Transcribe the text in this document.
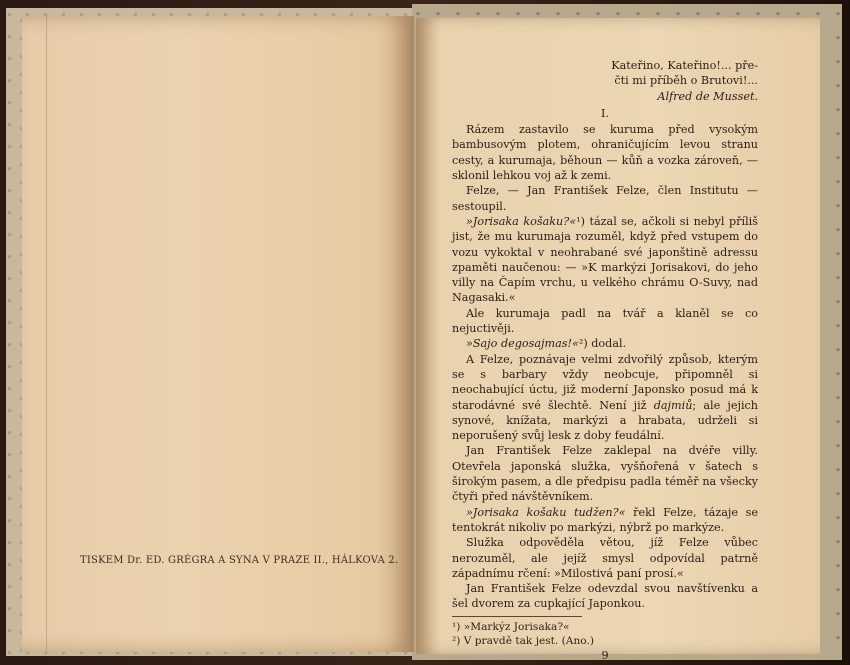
TISKEM Dr. ED. GRÉGRA A SYNA V PRAZE II., HÁLKOVA 2.
Kateřino, Kateřino!... pře-
čti mi příběh o Brutovi!...
Alfred de Musset.
I.

Rázem zastavilo se kuruma před vysokým bambusovým plotem, ohraničujícím levou stranu cesty, a kurumaja, běhoun — kůň a vozka zároveň, — sklonil lehkou voj až k zemi.

Felze, — Jan František Felze, člen Institutu — sestoupil.

»Jorisaka košaku?«¹) tázal se, ačkoli si nebyl příliš jist, že mu kurumaja rozuměl, když před vstupem do vozu vykoktal v neohrabané své japonštině adressu zpaměti naučenou: — »K markýzi Jorisakovi, do jeho villy na Čapím vrchu, u velkého chrámu O-Suvy, nad Nagasaki.«

Ale kurumaja padl na tvář a klaněl se co nejuctivěji.

»Sajo degosajmas!«²) dodal.

A Felze, poznávaje velmi zdvořilý způsob, kterým se s barbary vždy neobcuje, připomněl si neochabující úctu, již moderní Japonsko posud má k starodávné své šlechtě. Není již dajmiů; ale jejich synové, knížata, markýzi a hrabata, udrželi si neporušený svůj lesk z doby feudální.

Jan František Felze zaklepal na dvéře villy. Otevřela japonská služka, vyšňořená v šatech s širokým pasem, a dle předpisu padla téměř na všecky čtyři před návštěvníkem.

»Jorisaka košaku tudžen?« řekl Felze, tázaje se tentokrát nikoliv po markýzi, nýbrž po markýze.

Služka odpověděla větou, jíž Felze vůbec nerozuměl, ale jejíž smysl odpovídal patrně západnímu rčení: »Milostivá paní prosí.«

Jan František Felze odevzdal svou navštívenku a šel dvorem za cupkající Japonkou.

¹) »Markýz Jorisaka?«

²) V pravdě tak jest. (Ano.)

9
